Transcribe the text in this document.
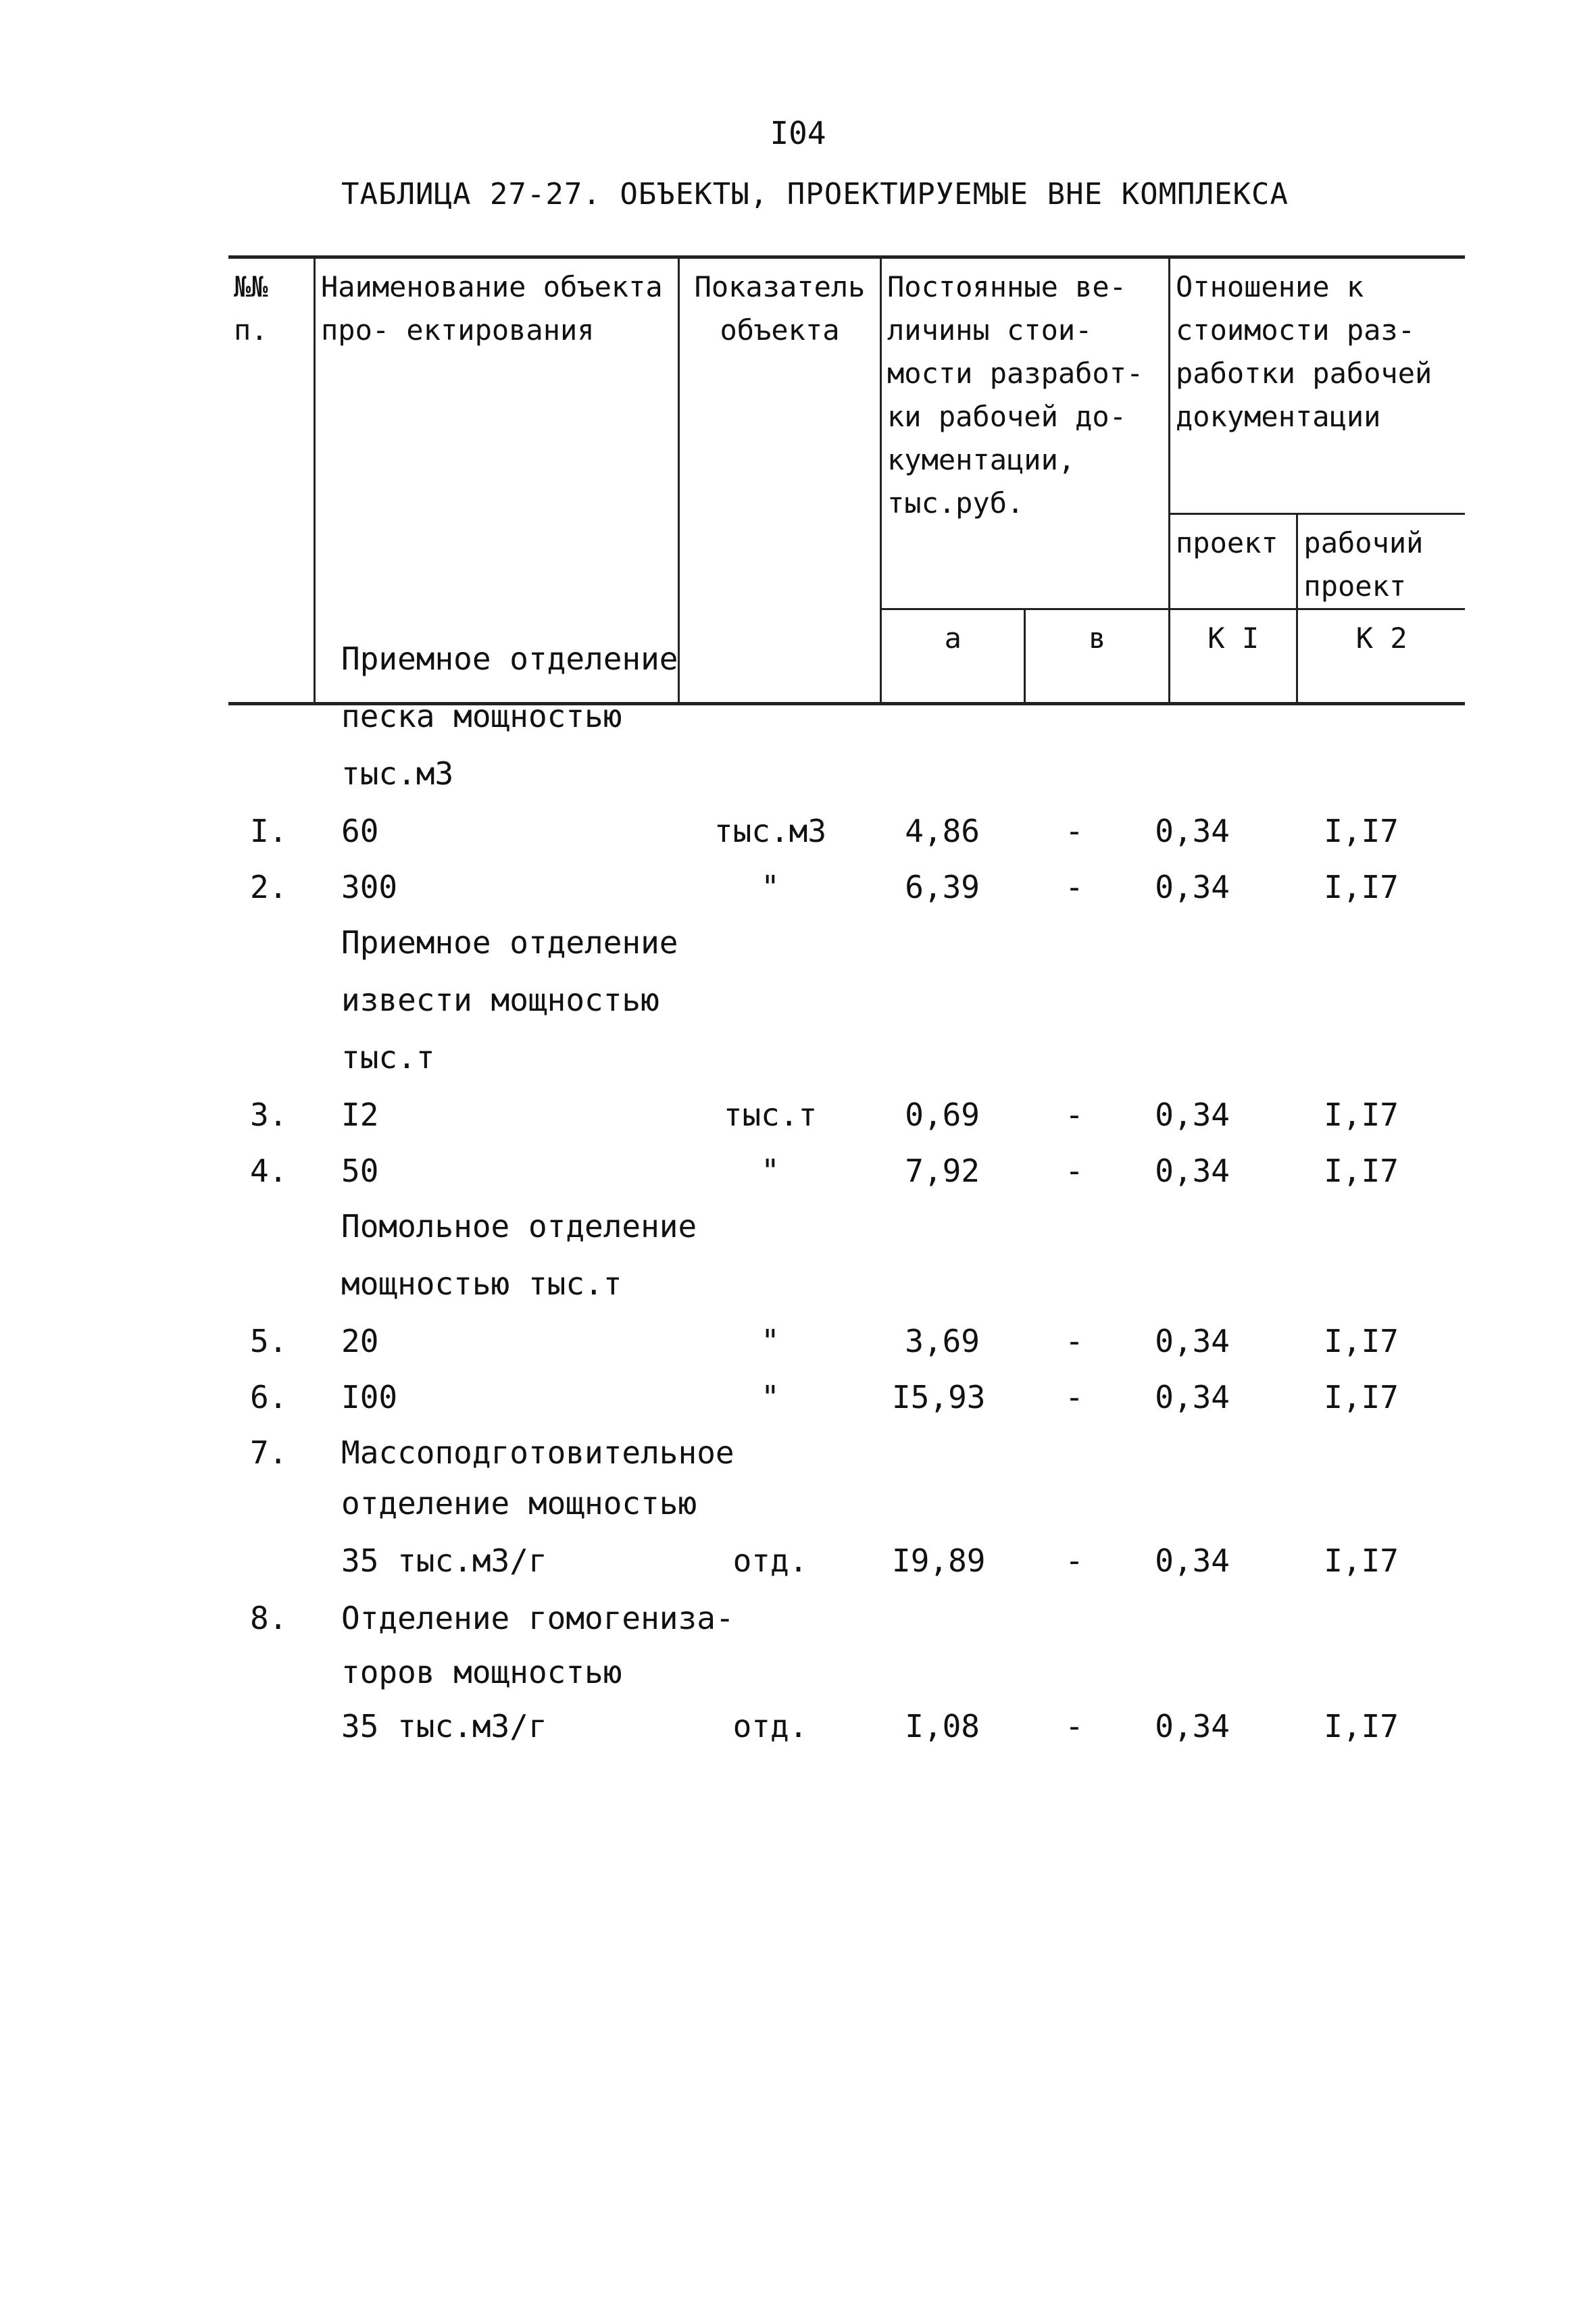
I04
ТАБЛИЦА 27-27. ОБЪЕКТЫ, ПРОЕКТИРУЕМЫЕ ВНЕ КОМПЛЕКСА
№№ п.	Наименование объекта про- ектирования	Показатель объекта	Постоянные ве- личины стои- мости разработ- ки рабочей до- кументации, тыс.руб.		Отношение к стоимости раз- работки рабочей документации	
					проект	рабочий проект
			а	в	К I	К 2
Приемное отделение
песка мощностью
тыс.м3
I. 60	тыс.м3	4,86	-	0,34	I,I7
2. 300	"	6,39	-	0,34	I,I7
Приемное отделение
извести мощностью
тыс.т
3. I2	тыс.т	0,69	-	0,34	I,I7
4. 50	"	7,92	-	0,34	I,I7
Помольное отделение
мощностью тыс.т
5. 20	"	3,69	-	0,34	I,I7
6. I00	"	I5,93	-	0,34	I,I7
7. Массоподготовительное
отделение мощностью
35 тыс.м3/г	отд.	I9,89	-	0,34	I,I7
8. Отделение гомогениза-
торов мощностью
35 тыс.м3/г	отд.	I,08	-	0,34	I,I7
